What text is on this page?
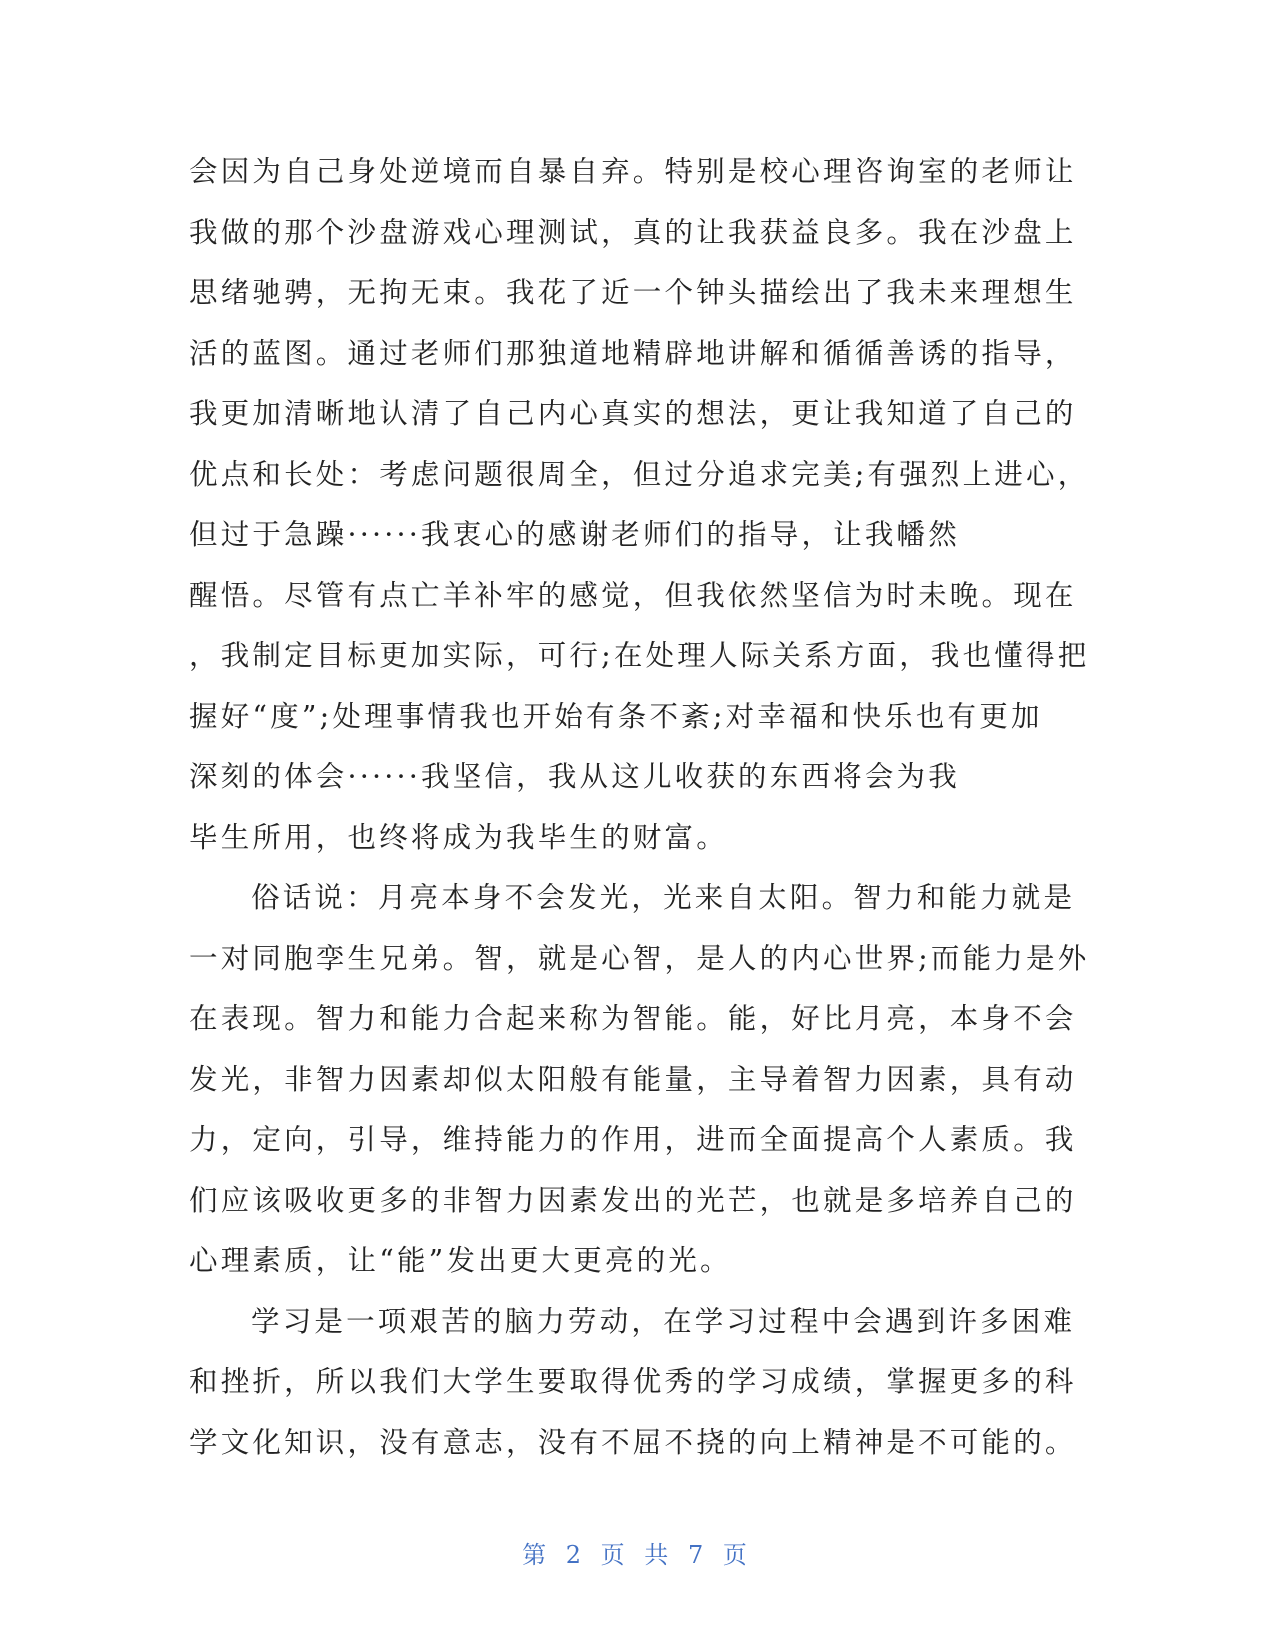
会因为自己身处逆境而自暴自弃。特别是校心理咨询室的老师让
我做的那个沙盘游戏心理测试，真的让我获益良多。我在沙盘上
思绪驰骋，无拘无束。我花了近一个钟头描绘出了我未来理想生
活的蓝图。通过老师们那独道地精辟地讲解和循循善诱的指导，
我更加清晰地认清了自己内心真实的想法，更让我知道了自己的
优点和长处：考虑问题很周全，但过分追求完美;有强烈上进心，
但过于急躁······我衷心的感谢老师们的指导，让我幡然
醒悟。尽管有点亡羊补牢的感觉，但我依然坚信为时未晚。现在
，我制定目标更加实际，可行;在处理人际关系方面，我也懂得把
握好“度”;处理事情我也开始有条不紊;对幸福和快乐也有更加
深刻的体会······我坚信，我从这儿收获的东西将会为我
毕生所用，也终将成为我毕生的财富。
俗话说：月亮本身不会发光，光来自太阳。智力和能力就是
一对同胞孪生兄弟。智，就是心智，是人的内心世界;而能力是外
在表现。智力和能力合起来称为智能。能，好比月亮，本身不会
发光，非智力因素却似太阳般有能量，主导着智力因素，具有动
力，定向，引导，维持能力的作用，进而全面提高个人素质。我
们应该吸收更多的非智力因素发出的光芒，也就是多培养自己的
心理素质，让“能”发出更大更亮的光。
学习是一项艰苦的脑力劳动，在学习过程中会遇到许多困难
和挫折，所以我们大学生要取得优秀的学习成绩，掌握更多的科
学文化知识，没有意志，没有不屈不挠的向上精神是不可能的。
第 2 页 共 7 页
